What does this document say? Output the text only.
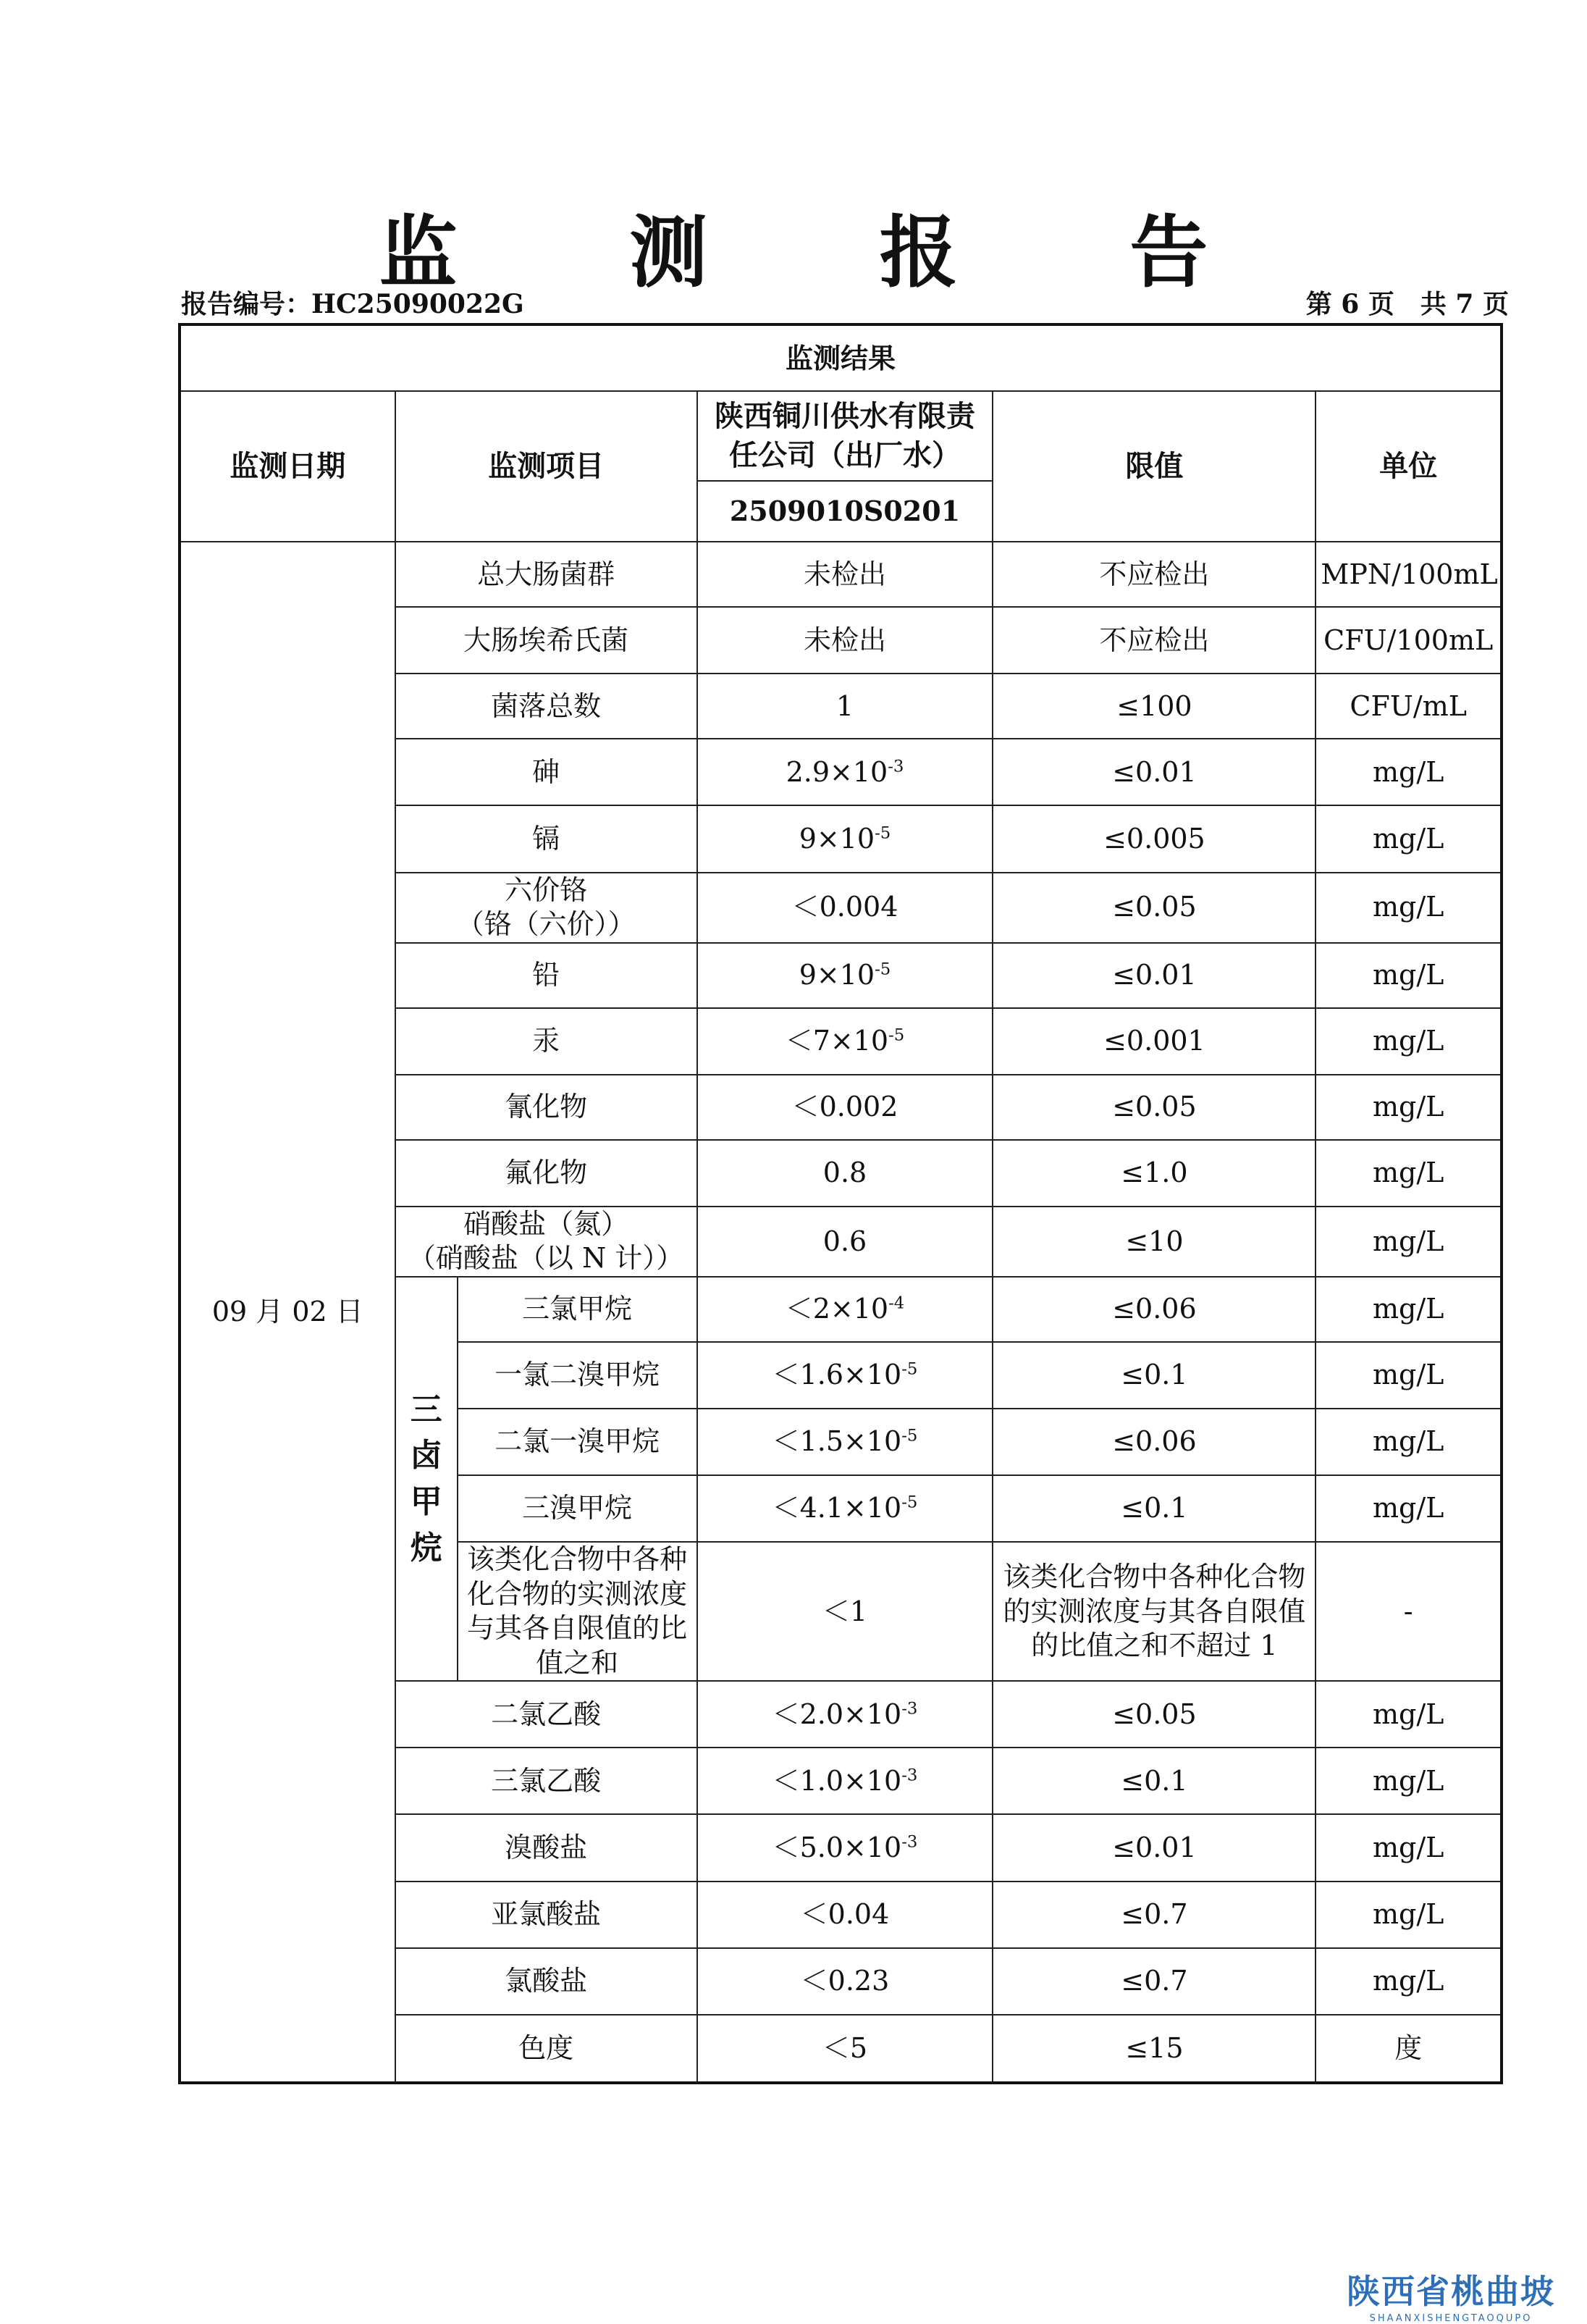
监 测 报 告
报告编号：HC25090022G	第 6 页　共 7 页
监测结果					
监测日期	监测项目		陕西铜川供水有限责任公司（出厂水）	限值	单位
			2509010S0201		
09 月 02 日	总大肠菌群		未检出	不应检出	MPN/100mL

	大肠埃希氏菌		未检出	不应检出	CFU/100mL

	菌落总数		1	≤100	CFU/mL

	砷		$2.9\times 10^{-3}$	≤0.01	mg/L

	镉		$9\times 10^{-5}$	≤0.005	mg/L

	六价铬
（铬（六价））		＜0.004	≤0.05	mg/L

	铅		$9\times 10^{-5}$	≤0.01	mg/L

	汞		$<7\times 10^{-5}$	≤0.001	mg/L

	氰化物		＜0.002	≤0.05	mg/L

	氟化物		0.8	≤1.0	mg/L

	硝酸盐（氮）
（硝酸盐（以 N 计））		0.6	≤10	mg/L
	三卤甲烷	三氯甲烷	$<2\times 10^{-4}$	≤0.06	mg/L

		一氯二溴甲烷	$<1.6\times 10^{-5}$	≤0.1	mg/L

		二氯一溴甲烷	$<1.5\times 10^{-5}$	≤0.06	mg/L

		三溴甲烷	$<4.1\times 10^{-5}$	≤0.1	mg/L

		该类化合物中各种化合物的实测浓度与其各自限值的比值之和	＜1	该类化合物中各种化合物的实测浓度与其各自限值的比值之和不超过 1	-

	二氯乙酸		$<2.0\times 10^{-3}$	≤0.05	mg/L

	三氯乙酸		$<1.0\times 10^{-3}$	≤0.1	mg/L

	溴酸盐		$<5.0\times 10^{-3}$	≤0.01	mg/L

	亚氯酸盐		＜0.04	≤0.7	mg/L

	氯酸盐		＜0.23	≤0.7	mg/L

	色度		＜5	≤15	度
陕西省桃曲坡
SHAANXISHENGTAOQUPO
